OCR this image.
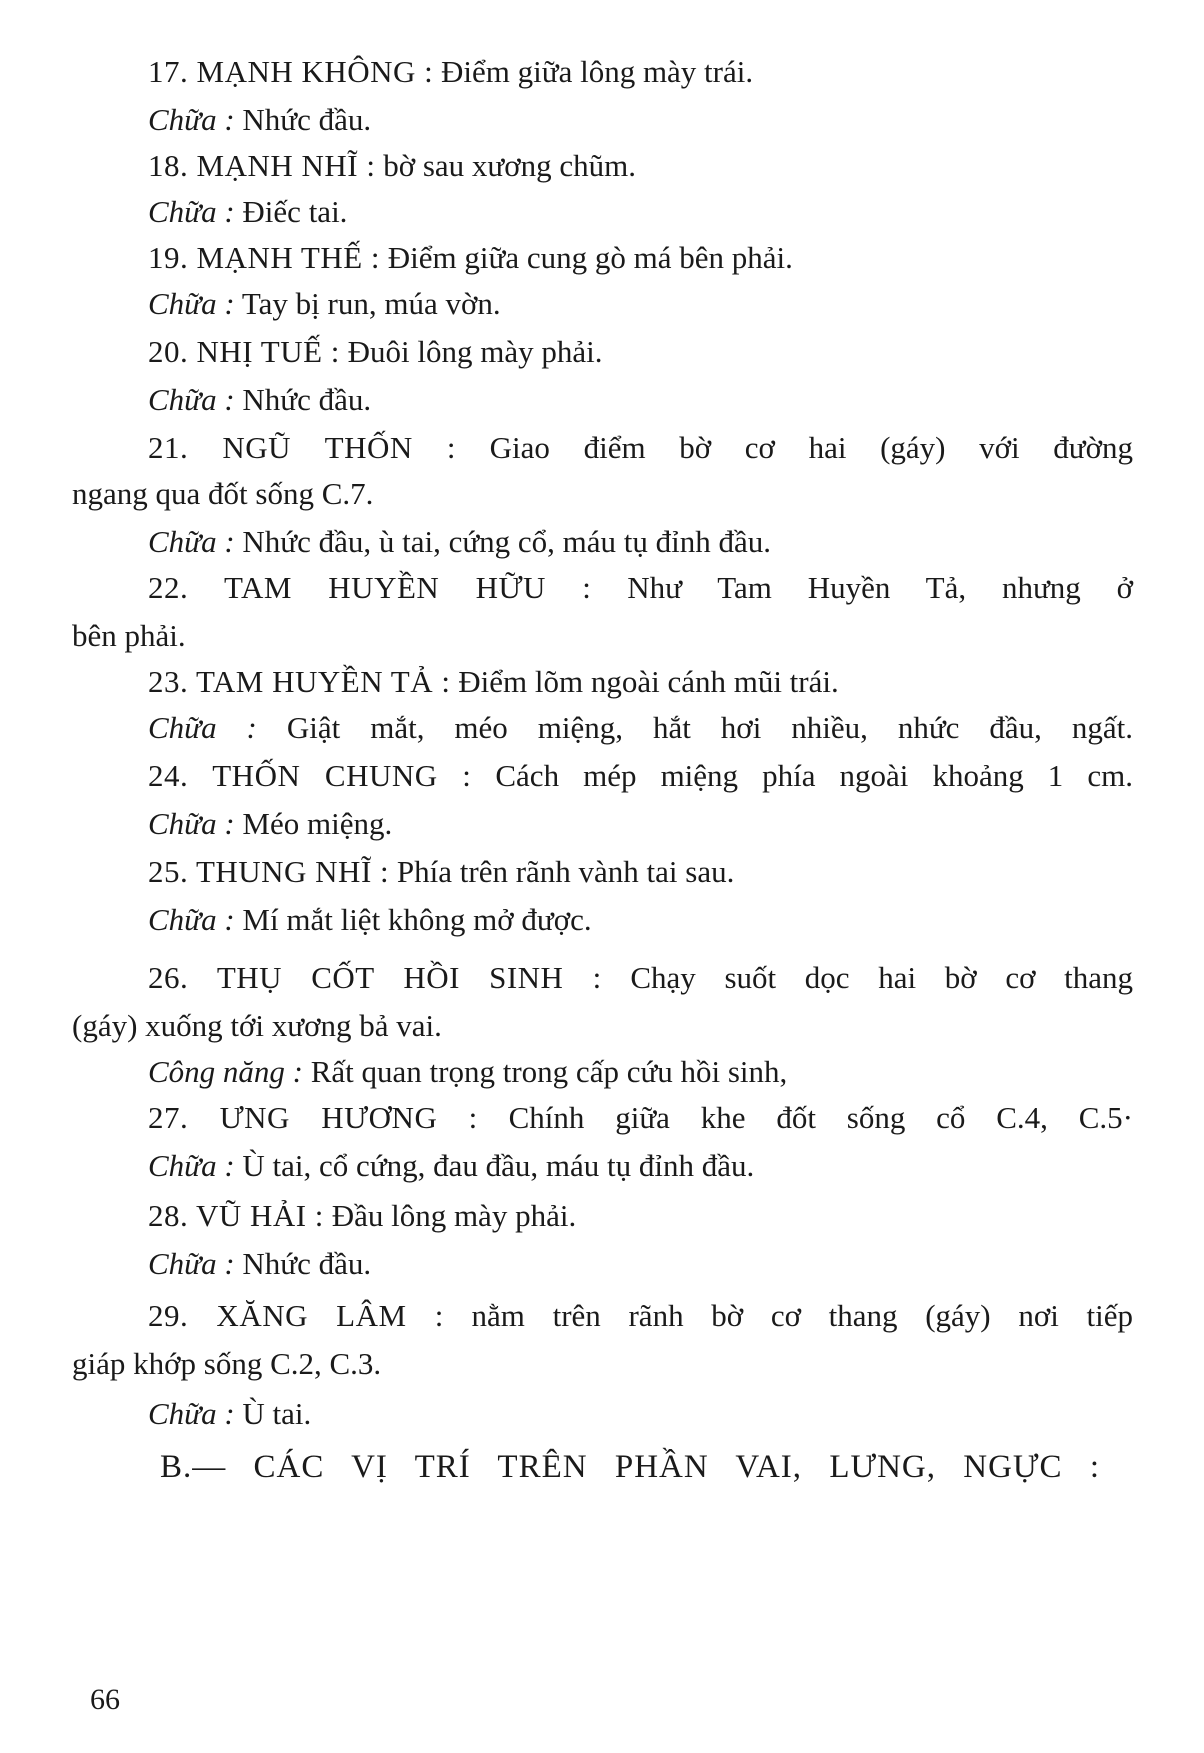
17. MẠNH KHÔNG : Điểm giữa lông mày trái.
Chữa : Nhức đầu.
18. MẠNH NHĨ : bờ sau xương chũm.
Chữa : Điếc tai.
19. MẠNH THẾ : Điểm giữa cung gò má bên phải.
Chữa : Tay bị run, múa vờn.
20. NHỊ TUẾ : Đuôi lông mày phải.
Chữa : Nhức đầu.
21. NGŨ THỐN : Giao điểm bờ cơ hai (gáy) với đường
ngang qua đốt sống C.7.
Chữa : Nhức đầu, ù tai, cứng cổ, máu tụ đỉnh đầu.
22. TAM HUYỀN HỮU : Như Tam Huyền Tả, nhưng ở
bên phải.
23. TAM HUYỀN TẢ : Điểm lõm ngoài cánh mũi trái.
Chữa : Giật mắt, méo miệng, hắt hơi nhiều, nhức đầu, ngất.
24. THỐN CHUNG : Cách mép miệng phía ngoài khoảng 1 cm.
Chữa : Méo miệng.
25. THUNG NHĨ : Phía trên rãnh vành tai sau.
Chữa : Mí mắt liệt không mở được.
26. THỤ CỐT HỒI SINH : Chạy suốt dọc hai bờ cơ thang
(gáy) xuống tới xương bả vai.
Công năng : Rất quan trọng trong cấp cứu hồi sinh,
27. ƯNG HƯƠNG : Chính giữa khe đốt sống cổ C.4, C.5·
Chữa : Ù tai, cổ cứng, đau đầu, máu tụ đỉnh đầu.
28. VŨ HẢI : Đầu lông mày phải.
Chữa : Nhức đầu.
29. XĂNG LÂM : nằm trên rãnh bờ cơ thang (gáy) nơi tiếp
giáp khớp sống C.2, C.3.
Chữa : Ù tai.
B.— CÁC VỊ TRÍ TRÊN PHẦN VAI, LƯNG, NGỰC :
66
